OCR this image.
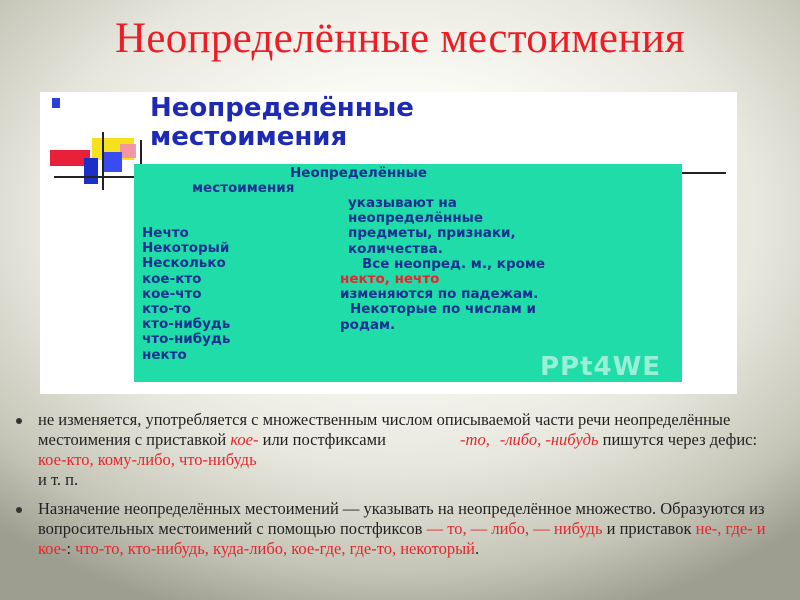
Неопределённые местоимения
Неопределённые
местоимения
Неопределённые
местоимения
Нечто
Некоторый
Несколько
кое-кто
кое-что
кто-то
кто-нибудь
что-нибудь
некто
указывают на
неопределённые
предметы, признаки,
количества.
Все неопред. м., кроме
некто, нечто
изменяются по падежам.
Некоторые по числам и
родам.
PPt4WE
не изменяется, употребляется с множественным числом описываемой части речи неопределённые местоимения с приставкой кое- или постфиксами	-то, -либо, -нибудь пишутся через дефис: кое-кто, кому-либо, что-нибудь
и т. п.
Назначение неопределённых местоимений — указывать на неопределённое множество. Образуются из вопросительных местоимений с помощью постфиксов — то, — либо, — нибудь и приставок не-, где- и кое-: что-то, кто-нибудь, куда-либо, кое-где, где-то, некоторый.
